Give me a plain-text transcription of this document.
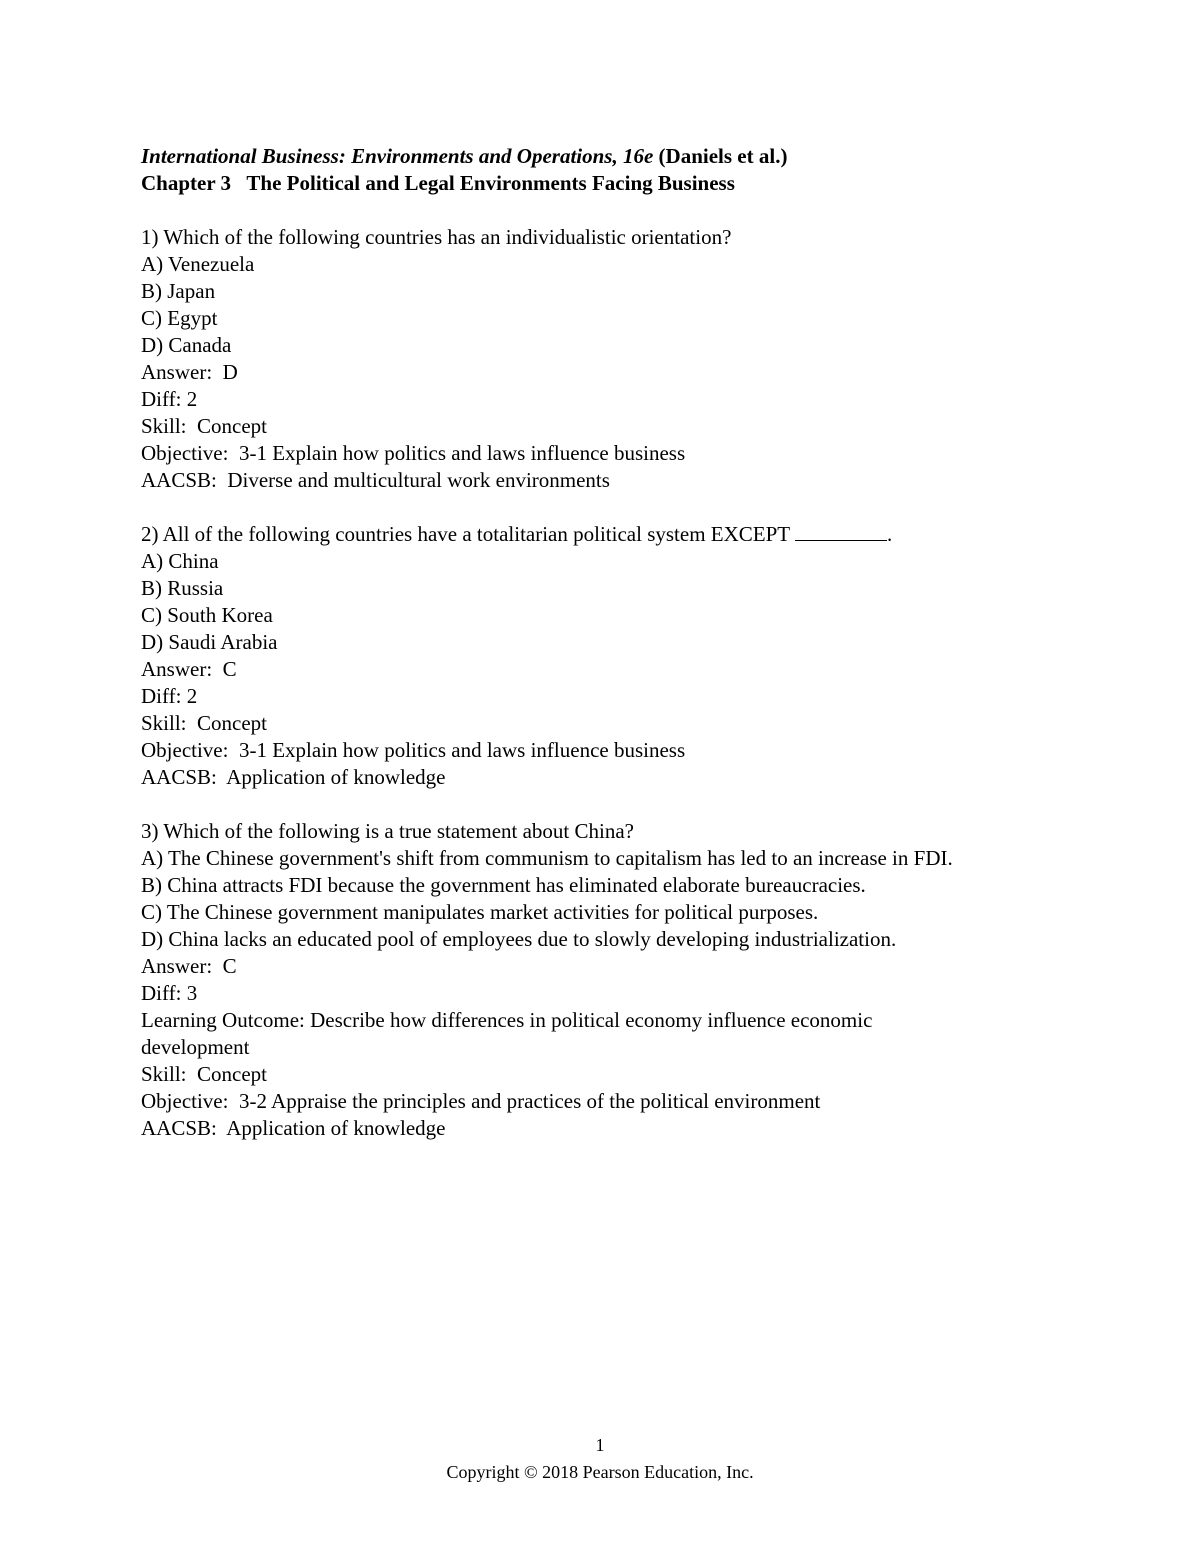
International Business: Environments and Operations, 16e (Daniels et al.)
Chapter 3   The Political and Legal Environments Facing Business
1) Which of the following countries has an individualistic orientation?
A) Venezuela
B) Japan
C) Egypt
D) Canada
Answer:  D
Diff: 2
Skill:  Concept
Objective:  3-1 Explain how politics and laws influence business
AACSB:  Diverse and multicultural work environments
2) All of the following countries have a totalitarian political system EXCEPT	.
A) China
B) Russia
C) South Korea
D) Saudi Arabia
Answer:  C
Diff: 2
Skill:  Concept
Objective:  3-1 Explain how politics and laws influence business
AACSB:  Application of knowledge
3) Which of the following is a true statement about China?
A) The Chinese government's shift from communism to capitalism has led to an increase in FDI.
B) China attracts FDI because the government has eliminated elaborate bureaucracies.
C) The Chinese government manipulates market activities for political purposes.
D) China lacks an educated pool of employees due to slowly developing industrialization.
Answer:  C
Diff: 3
Learning Outcome: Describe how differences in political economy influence economic development
Skill:  Concept
Objective:  3-2 Appraise the principles and practices of the political environment
AACSB:  Application of knowledge
1
Copyright © 2018 Pearson Education, Inc.
